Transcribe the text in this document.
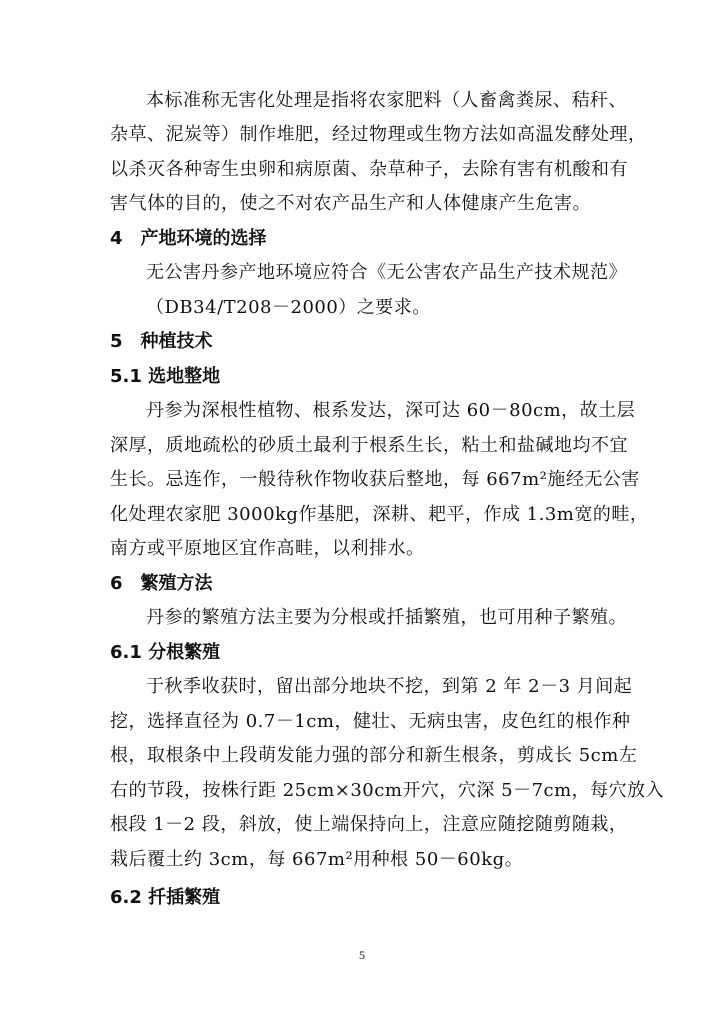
本标准称无害化处理是指将农家肥料（人畜禽粪尿、秸秆、
杂草、泥炭等）制作堆肥，经过物理或生物方法如高温发酵处理，
以杀灭各种寄生虫卵和病原菌、杂草种子，去除有害有机酸和有
害气体的目的，使之不对农产品生产和人体健康产生危害。
4　产地环境的选择
无公害丹参产地环境应符合《无公害农产品生产技术规范》
（DB34/T208－2000）之要求。
5　种植技术
5.1 选地整地
丹参为深根性植物、根系发达，深可达 60－80cm，故土层
深厚，质地疏松的砂质土最利于根系生长，粘土和盐碱地均不宜
生长。忌连作，一般待秋作物收获后整地，每 667m²施经无公害
化处理农家肥 3000kg作基肥，深耕、耙平，作成 1.3m宽的畦，
南方或平原地区宜作高畦，以利排水。
6　繁殖方法
丹参的繁殖方法主要为分根或扦插繁殖，也可用种子繁殖。
6.1 分根繁殖
于秋季收获时，留出部分地块不挖，到第 2 年 2－3 月间起
挖，选择直径为 0.7－1cm，健壮、无病虫害，皮色红的根作种
根，取根条中上段萌发能力强的部分和新生根条，剪成长 5cm左
右的节段，按株行距 25cm×30cm开穴，穴深 5－7cm，每穴放入
根段 1－2 段，斜放，使上端保持向上，注意应随挖随剪随栽，
栽后覆土约 3cm，每 667m²用种根 50－60kg。
6.2 扦插繁殖
5
